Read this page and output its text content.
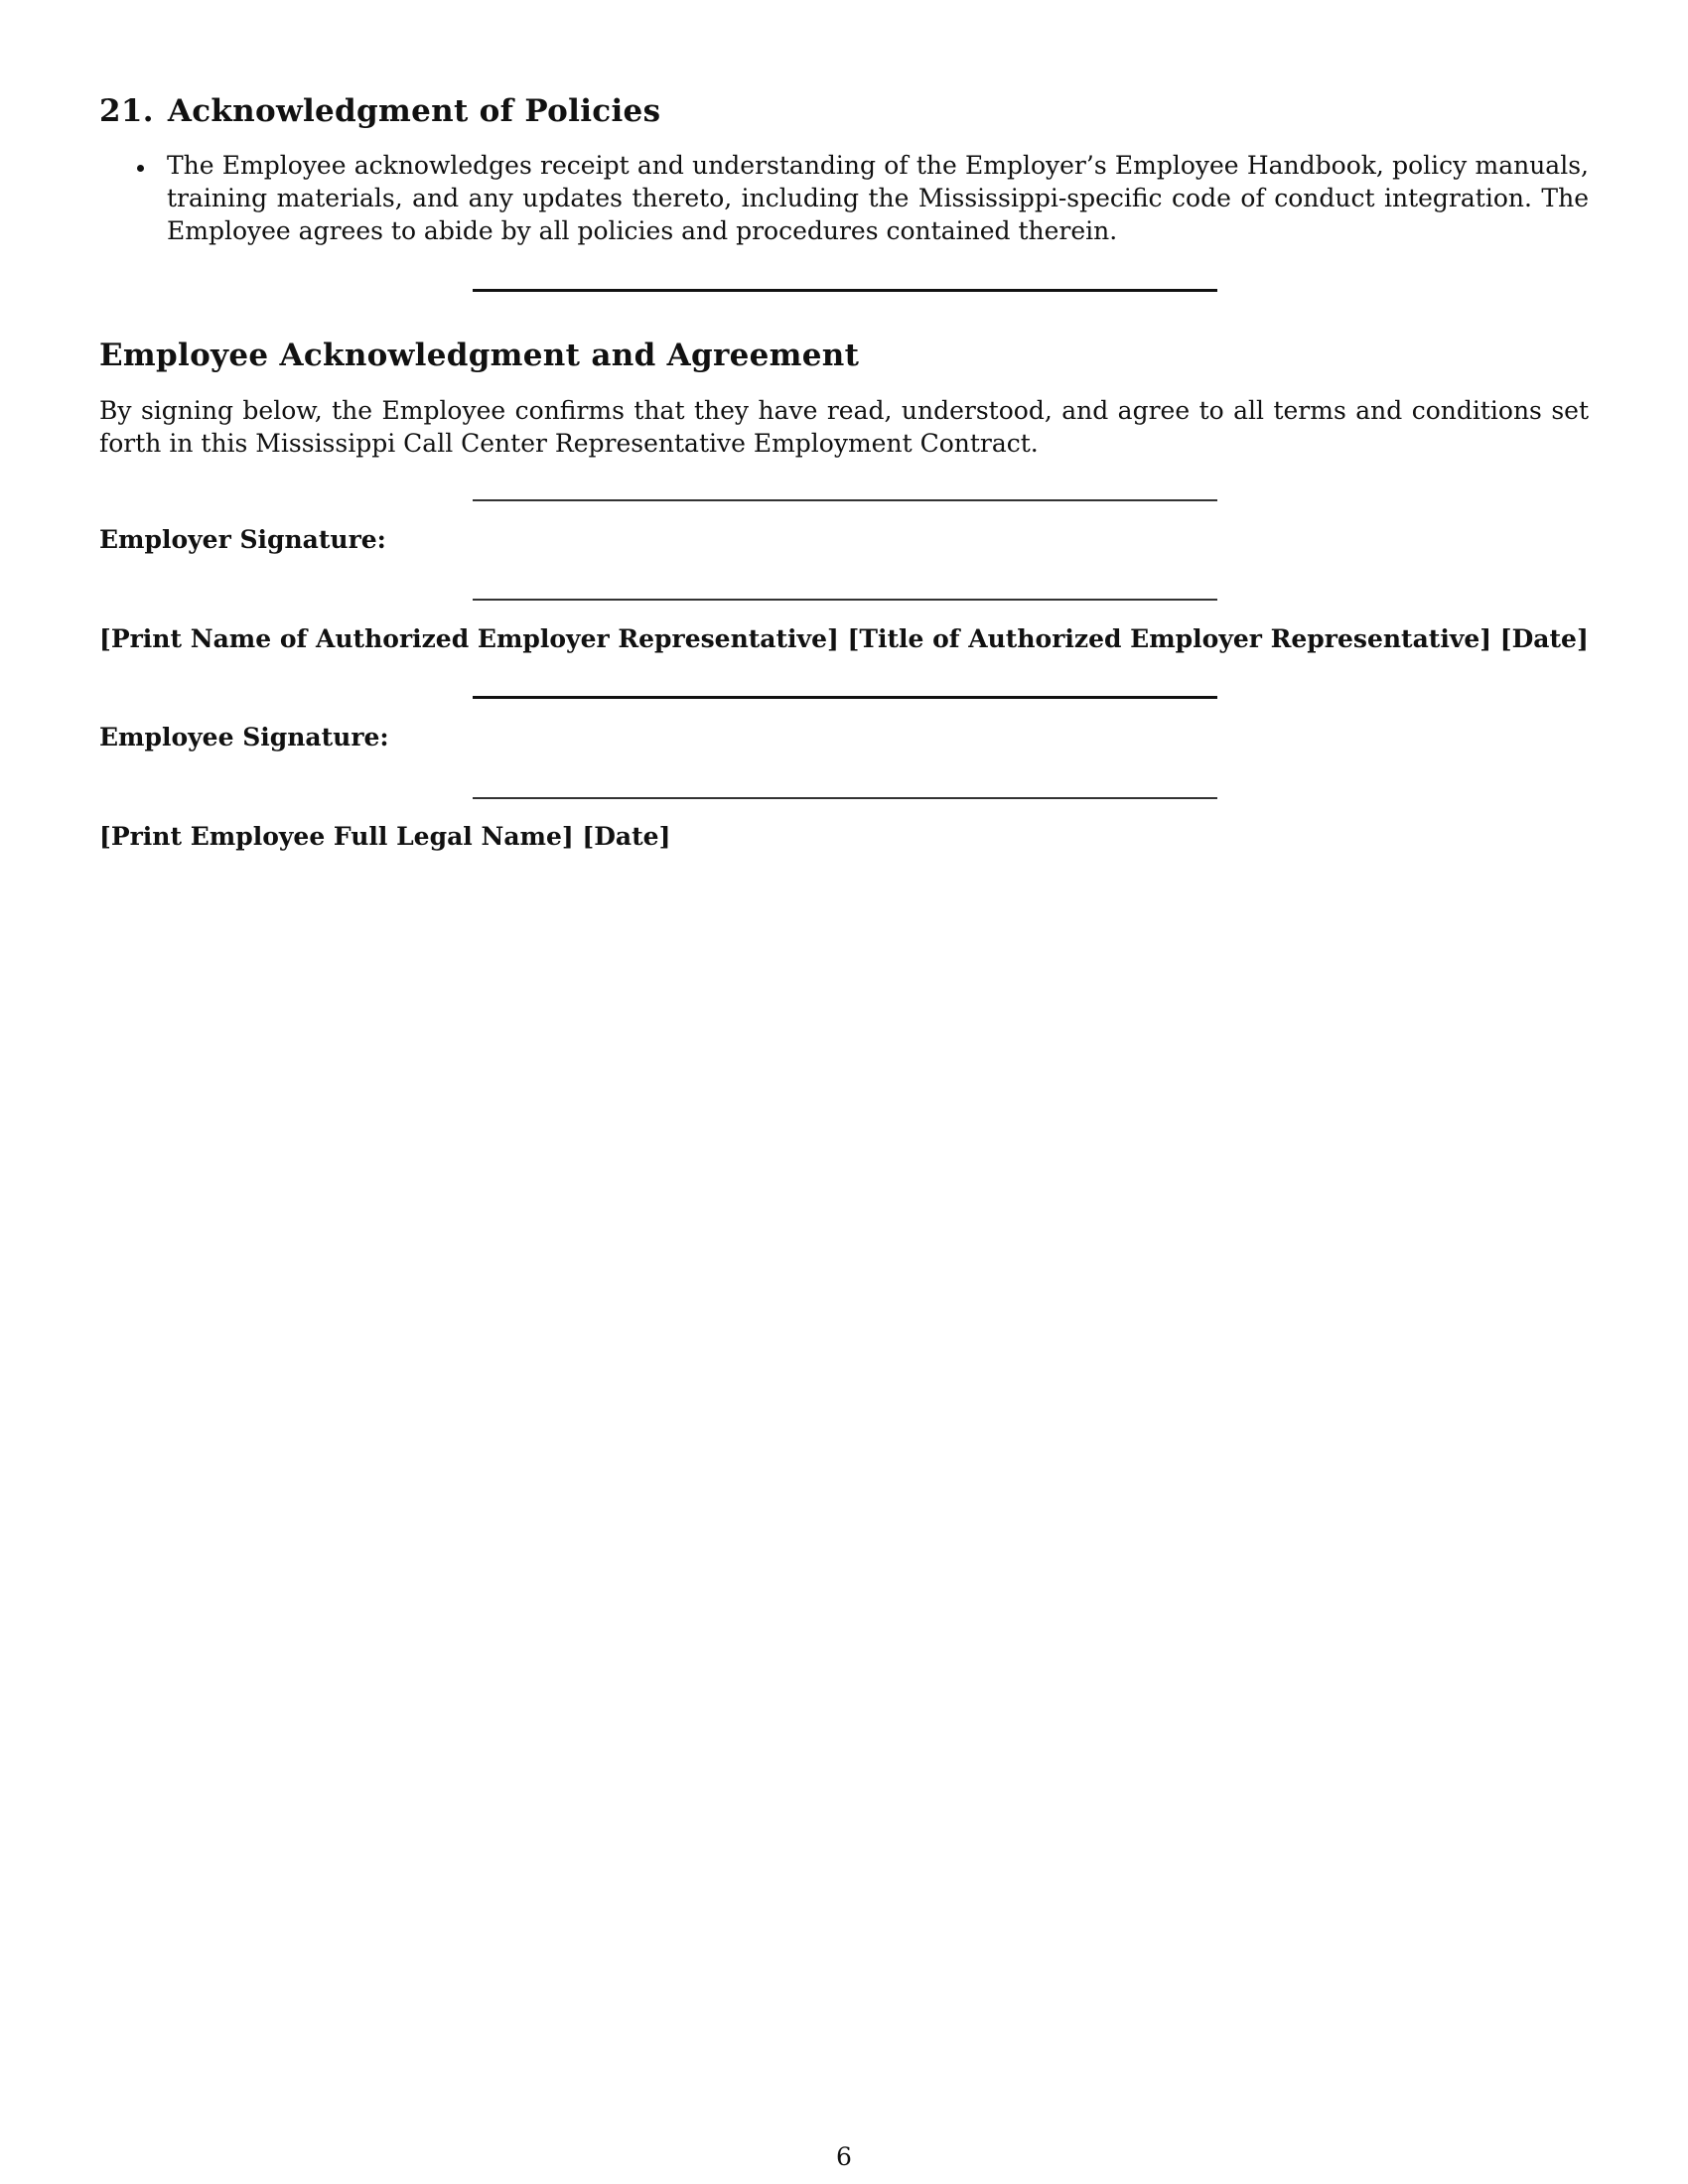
21. Acknowledgment of Policies
The Employee acknowledges receipt and understanding of the Employer’s Employee Handbook, policy manuals, training materials, and any updates thereto, including the Mississippi-specific code of conduct integration. The Employee agrees to abide by all policies and procedures contained therein.
Employee Acknowledgment and Agreement
By signing below, the Employee confirms that they have read, understood, and agree to all terms and conditions set forth in this Mississippi Call Center Representative Employment Contract.
Employer Signature:
[Print Name of Authorized Employer Representative] [Title of Authorized Employer Representative] [Date]
Employee Signature:
[Print Employee Full Legal Name] [Date]
6
